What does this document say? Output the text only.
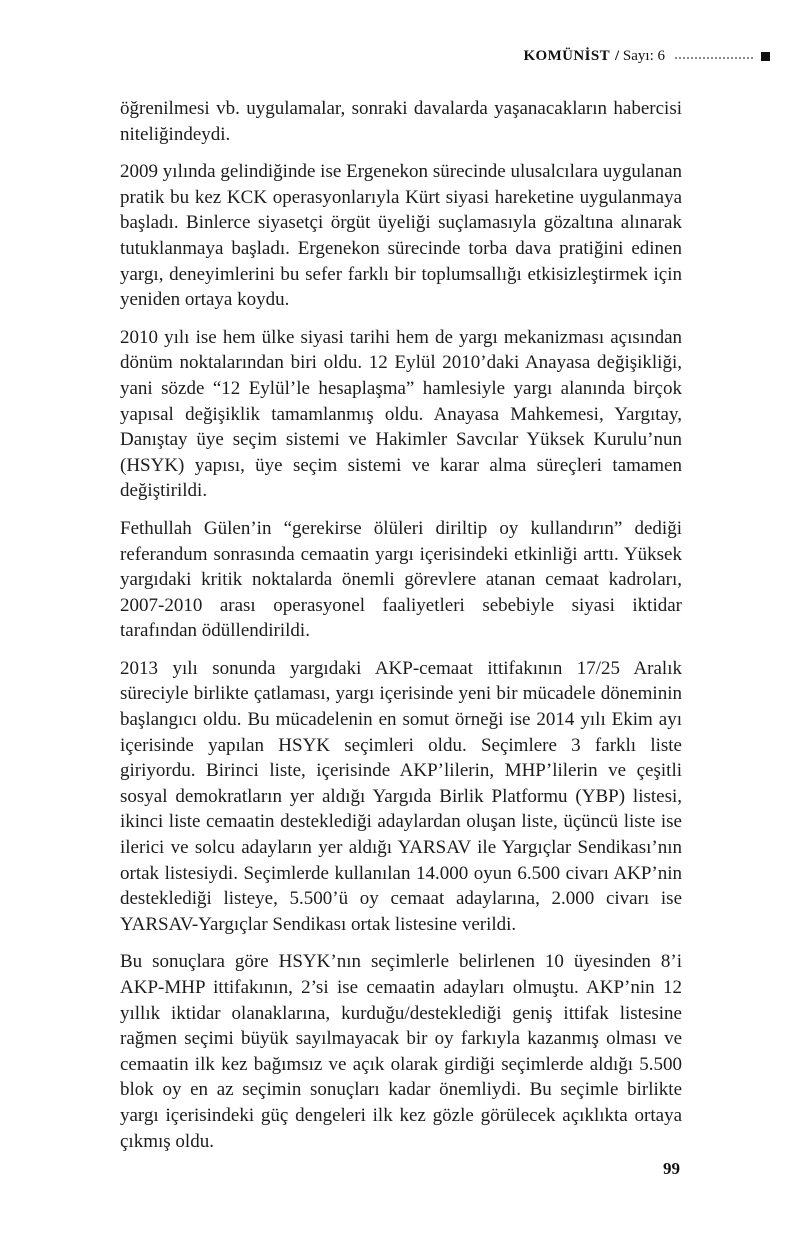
KOMÜNİST / Sayı: 6

öğrenilmesi vb. uygulamalar, sonraki davalarda yaşanacakların habercisi niteliğindeydi.

2009 yılında gelindiğinde ise Ergenekon sürecinde ulusalcılara uygulanan pratik bu kez KCK operasyonlarıyla Kürt siyasi hareketine uygulanmaya başladı. Binlerce siyasetçi örgüt üyeliği suçlamasıyla gözaltına alınarak tutuklanmaya başladı. Ergenekon sürecinde torba dava pratiğini edinen yargı, deneyimlerini bu sefer farklı bir toplumsallığı etkisizleştirmek için yeniden ortaya koydu.

2010 yılı ise hem ülke siyasi tarihi hem de yargı mekanizması açısından dönüm noktalarından biri oldu. 12 Eylül 2010’daki Anayasa değişikliği, yani sözde “12 Eylül’le hesaplaşma” hamlesiyle yargı alanında birçok yapısal değişiklik tamamlanmış oldu. Anayasa Mahkemesi, Yargıtay, Danıştay üye seçim sistemi ve Hakimler Savcılar Yüksek Kurulu’nun (HSYK) yapısı, üye seçim sistemi ve karar alma süreçleri tamamen değiştirildi.

Fethullah Gülen’in “gerekirse ölüleri diriltip oy kullandırın” dediği referandum sonrasında cemaatin yargı içerisindeki etkinliği arttı. Yüksek yargıdaki kritik noktalarda önemli görevlere atanan cemaat kadroları, 2007-2010 arası operasyonel faaliyetleri sebebiyle siyasi iktidar tarafından ödüllendirildi.

2013 yılı sonunda yargıdaki AKP-cemaat ittifakının 17/25 Aralık süreciyle birlikte çatlaması, yargı içerisinde yeni bir mücadele döneminin başlangıcı oldu. Bu mücadelenin en somut örneği ise 2014 yılı Ekim ayı içerisinde yapılan HSYK seçimleri oldu. Seçimlere 3 farklı liste giriyordu. Birinci liste, içerisinde AKP’lilerin, MHP’lilerin ve çeşitli sosyal demokratların yer aldığı Yargıda Birlik Platformu (YBP) listesi, ikinci liste cemaatin desteklediği adaylardan oluşan liste, üçüncü liste ise ilerici ve solcu adayların yer aldığı YARSAV ile Yargıçlar Sendikası’nın ortak listesiydi. Seçimlerde kullanılan 14.000 oyun 6.500 civarı AKP’nin desteklediği listeye, 5.500’ü oy cemaat adaylarına, 2.000 civarı ise YARSAV-Yargıçlar Sendikası ortak listesine verildi.

Bu sonuçlara göre HSYK’nın seçimlerle belirlenen 10 üyesinden 8’i AKP-MHP ittifakının, 2’si ise cemaatin adayları olmuştu. AKP’nin 12 yıllık iktidar olanaklarına, kurduğu/desteklediği geniş ittifak listesine rağmen seçimi büyük sayılmayacak bir oy farkıyla kazanmış olması ve cemaatin ilk kez bağımsız ve açık olarak girdiği seçimlerde aldığı 5.500 blok oy en az seçimin sonuçları kadar önemliydi. Bu seçimle birlikte yargı içerisindeki güç dengeleri ilk kez gözle görülecek açıklıkta ortaya çıkmış oldu.

99
